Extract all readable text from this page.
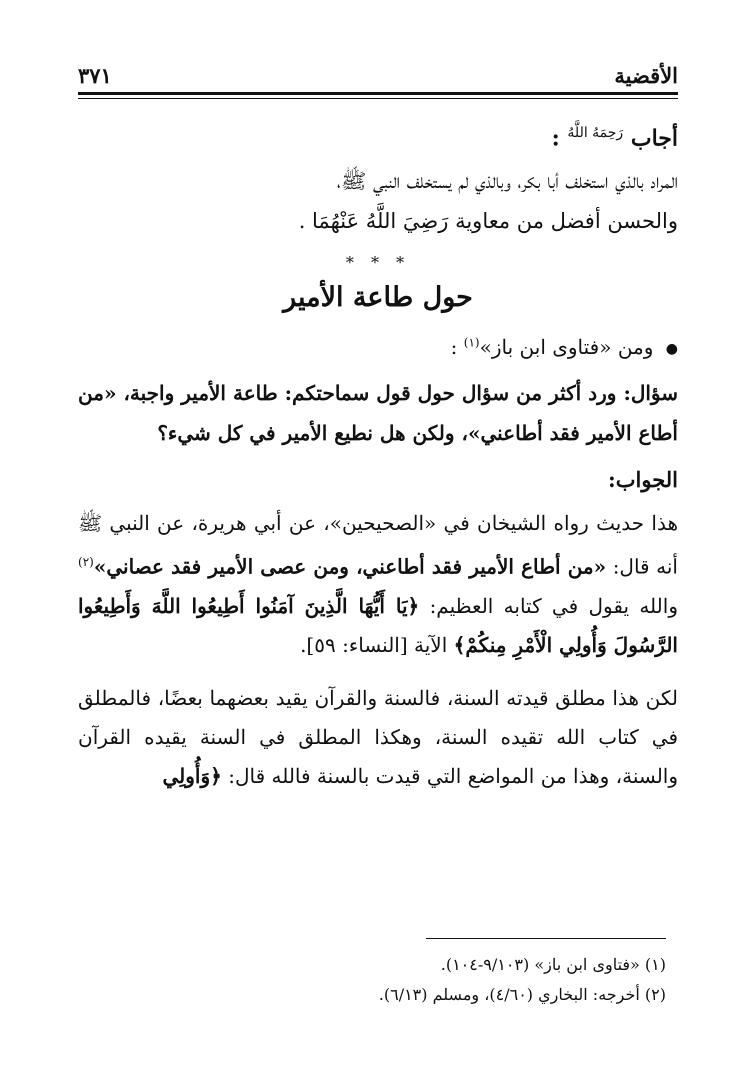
الأقضية
٣٧١
أجاب $^{رَحِمَهُ اللَّهُ}$ :

المراد بالذي استخلف أبا بكر، وبالذي لم يستخلف النبي ﷺ،
والحسن أفضل من معاوية رَضِيَ اللَّهُ عَنْهُمَا .

* * *
حول طاعة الأمير
● ومن «فتاوى ابن باز»$^{(١)}$ :

سؤال: ورد أكثر من سؤال حول قول سماحتكم: طاعة الأمير واجبة، «من أطاع الأمير فقد أطاعني»، ولكن هل نطيع الأمير في كل شيء؟

الجواب:

هذا حديث رواه الشيخان في «الصحيحين»، عن أبي هريرة، عن النبي ﷺ أنه قال: «من أطاع الأمير فقد أطاعني، ومن عصى الأمير فقد عصاني»$^{(٢)}$ والله يقول في كتابه العظيم: ﴿يَا أَيُّهَا الَّذِينَ آمَنُوا أَطِيعُوا اللَّهَ وَأَطِيعُوا الرَّسُولَ وَأُولِي الْأَمْرِ مِنكُمْ﴾ الآية [النساء: ٥٩].

لكن هذا مطلق قيدته السنة، فالسنة والقرآن يقيد بعضهما بعضًا، فالمطلق في كتاب الله تقيده السنة، وهكذا المطلق في السنة يقيده القرآن والسنة، وهذا من المواضع التي قيدت بالسنة فالله قال: ﴿وَأُولِي

(١) «فتاوى ابن باز» (٩/١٠٣-١٠٤).
(٢) أخرجه: البخاري (٤/٦٠)، ومسلم (٦/١٣).
